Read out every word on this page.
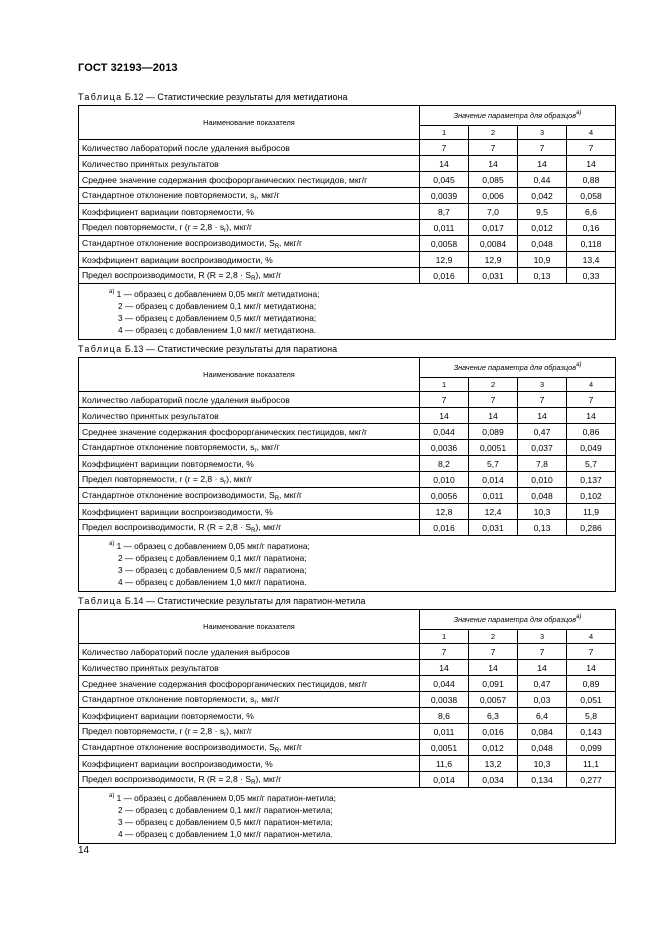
ГОСТ 32193—2013
Таблица Б.12 — Статистические результаты для метидатиона
Наименование показателя	Значение параметра для образцов$^{a)}$
	1	2	3	4
Количество лабораторий после удаления выбросов	7	7	7	7
Количество принятых результатов	14	14	14	14
Среднее значение содержания фосфорорганических пестицидов, мкг/г	0,045	0,085	0,44	0,88
Стандартное отклонение повторяемости, $s_r$, мкг/г	0,0039	0,006	0,042	0,058
Коэффициент вариации повторяемости, %	8,7	7,0	9,5	6,6
Предел повторяемости, r $(r = 2,8 \cdot s_r)$, мкг/г	0,011	0,017	0,012	0,16
Стандартное отклонение воспроизводимости, $S_R$, мкг/г	0,0058	0,0084	0,048	0,118
Коэффициент вариации воспроизводимости, %	12,9	12,9	10,9	13,4
Предел воспроизводимости, R $(R = 2,8 \cdot S_R)$, мкг/г	0,016	0,031	0,13	0,33

$^{a)}$ 1 — образец с добавлением 0,05 мкг/г метидатиона;
2 — образец с добавлением 0,1 мкг/г метидатиона;
3 — образец с добавлением 0,5 мкг/г метидатиона;
4 — образец с добавлением 1,0 мкг/г метидатиона.				
Таблица Б.13 — Статистические результаты для паратиона
Наименование показателя	Значение параметра для образцов$^{a)}$
	1	2	3	4
Количество лабораторий после удаления выбросов	7	7	7	7
Количество принятых результатов	14	14	14	14
Среднее значение содержания фосфорорганических пестицидов, мкг/г	0,044	0,089	0,47	0,86
Стандартное отклонение повторяемости, $s_r$, мкг/г	0,0036	0,0051	0,037	0,049
Коэффициент вариации повторяемости, %	8,2	5,7	7,8	5,7
Предел повторяемости, r $(r = 2,8 \cdot s_r)$, мкг/г	0,010	0,014	0,010	0,137
Стандартное отклонение воспроизводимости, $S_R$, мкг/г	0,0056	0,011	0,048	0,102
Коэффициент вариации воспроизводимости, %	12,8	12,4	10,3	11,9
Предел воспроизводимости, R $(R = 2,8 \cdot S_R)$, мкг/г	0,016	0,031	0,13	0,286

$^{a)}$ 1 — образец с добавлением 0,05 мкг/г паратиона;
2 — образец с добавлением 0,1 мкг/г паратиона;
3 — образец с добавлением 0,5 мкг/г паратиона;
4 — образец с добавлением 1,0 мкг/г паратиона.				
Таблица Б.14 — Статистические результаты для паратион-метила
Наименование показателя	Значение параметра для образцов$^{a)}$
	1	2	3	4
Количество лабораторий после удаления выбросов	7	7	7	7
Количество принятых результатов	14	14	14	14
Среднее значение содержания фосфорорганических пестицидов, мкг/г	0,044	0,091	0,47	0,89
Стандартное отклонение повторяемости, $s_r$, мкг/г	0,0038	0,0057	0,03	0,051
Коэффициент вариации повторяемости, %	8,6	6,3	6,4	5,8
Предел повторяемости, r $(r = 2,8 \cdot s_r)$, мкг/г	0,011	0,016	0,084	0,143
Стандартное отклонение воспроизводимости, $S_R$, мкг/г	0,0051	0,012	0,048	0,099
Коэффициент вариации воспроизводимости, %	11,6	13,2	10,3	11,1
Предел воспроизводимости, R $(R = 2,8 \cdot S_R)$, мкг/г	0,014	0,034	0,134	0,277

$^{a)}$ 1 — образец с добавлением 0,05 мкг/г паратион-метила;
2 — образец с добавлением 0,1 мкг/г паратион-метила;
3 — образец с добавлением 0,5 мкг/г паратион-метила;
4 — образец с добавлением 1,0 мкг/г паратион-метила.				
14
